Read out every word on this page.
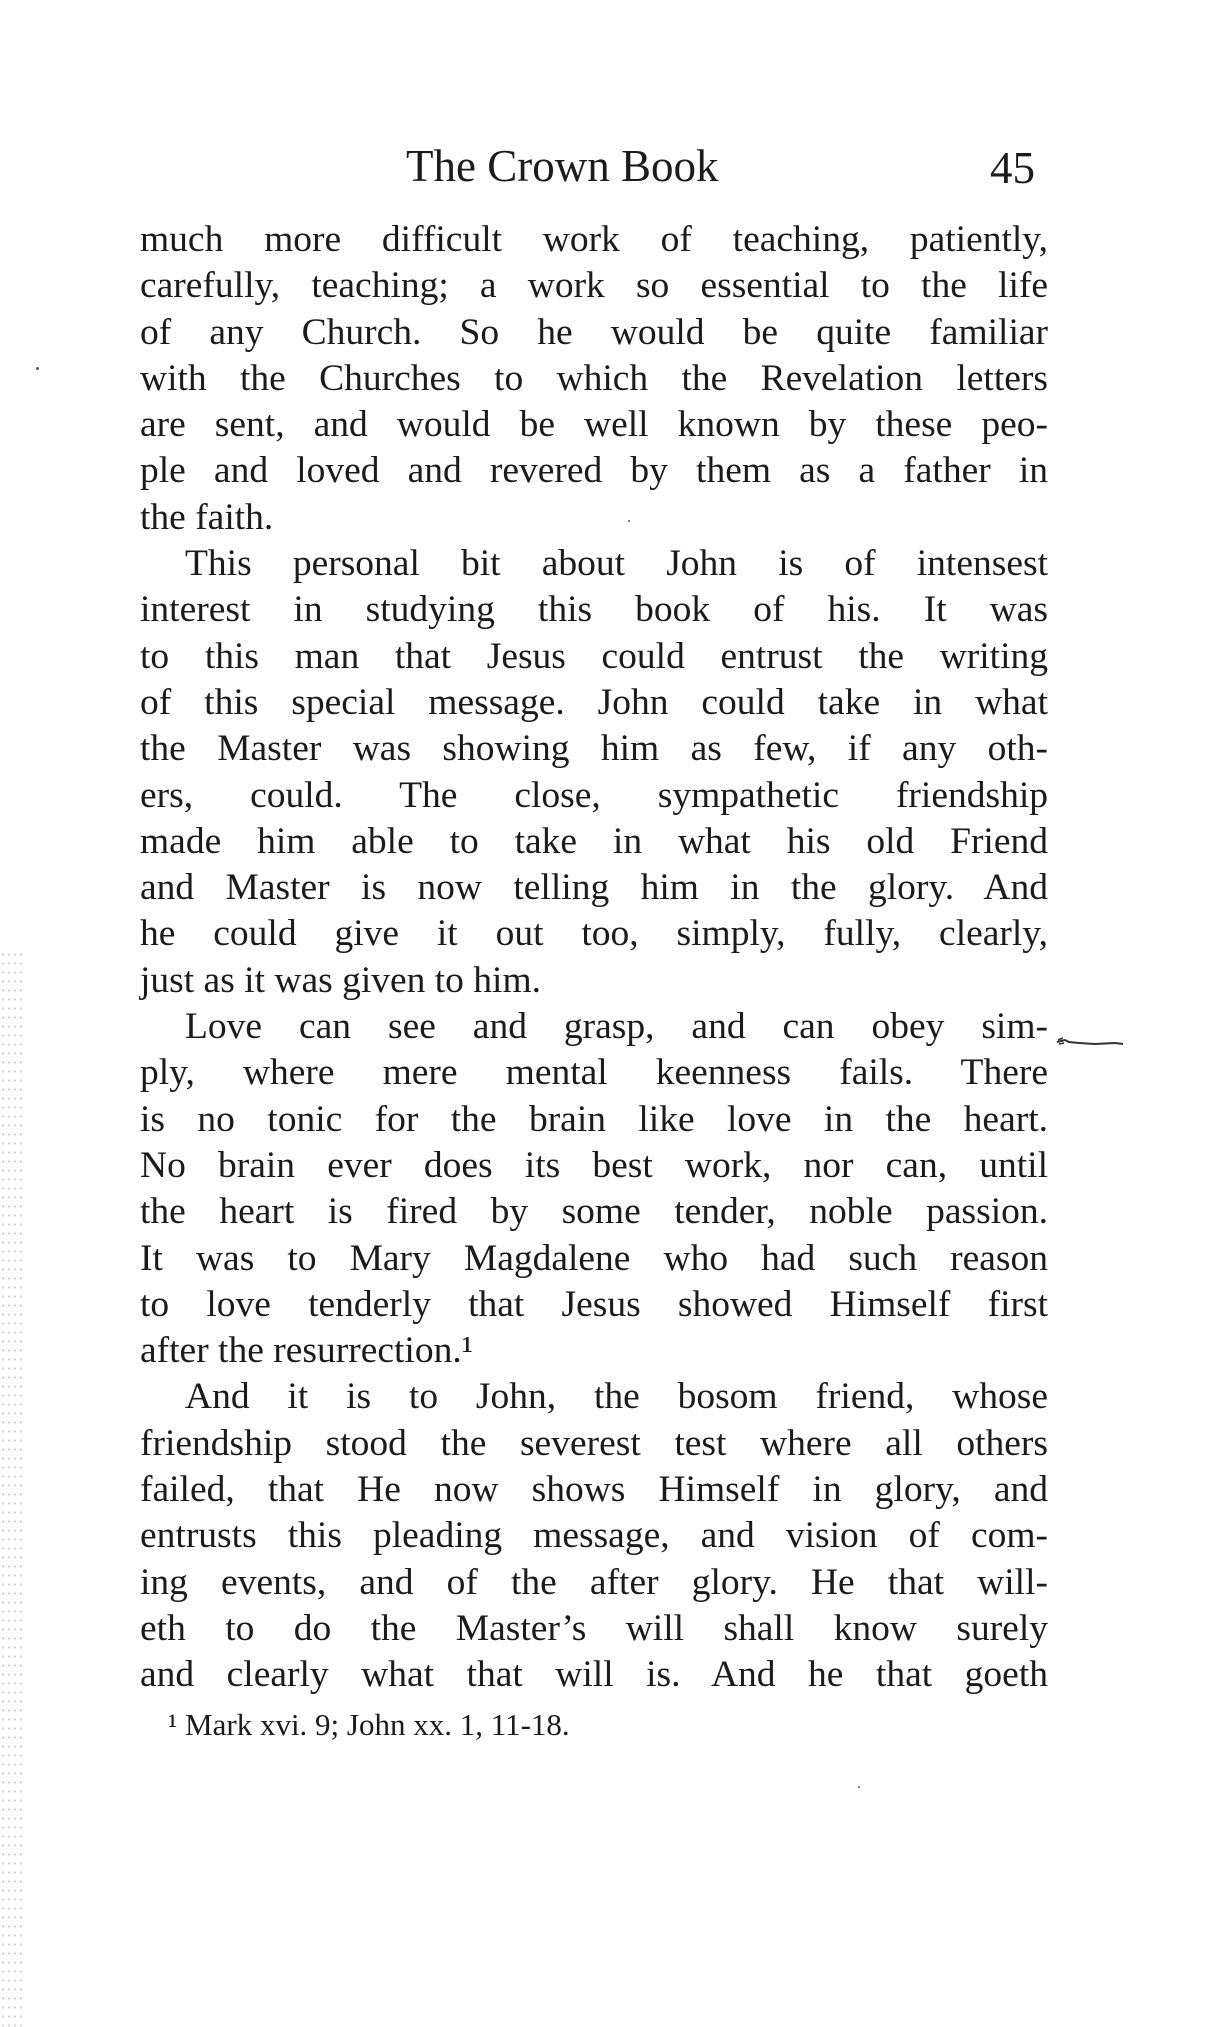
The Crown Book	45
much more difficult work of teaching, patiently,
carefully, teaching; a work so essential to the life
of any Church. So he would be quite familiar
with the Churches to which the Revelation letters
are sent, and would be well known by these peo-
ple and loved and revered by them as a father in
the faith.
This personal bit about John is of intensest
interest in studying this book of his. It was
to this man that Jesus could entrust the writing
of this special message. John could take in what
the Master was showing him as few, if any oth-
ers, could. The close, sympathetic friendship
made him able to take in what his old Friend
and Master is now telling him in the glory. And
he could give it out too, simply, fully, clearly,
just as it was given to him.
Love can see and grasp, and can obey sim-
ply, where mere mental keenness fails. There
is no tonic for the brain like love in the heart.
No brain ever does its best work, nor can, until
the heart is fired by some tender, noble passion.
It was to Mary Magdalene who had such reason
to love tenderly that Jesus showed Himself first
after the resurrection.¹
And it is to John, the bosom friend, whose
friendship stood the severest test where all others
failed, that He now shows Himself in glory, and
entrusts this pleading message, and vision of com-
ing events, and of the after glory. He that will-
eth to do the Master’s will shall know surely
and clearly what that will is. And he that goeth
¹ Mark xvi. 9; John xx. 1, 11-18.
